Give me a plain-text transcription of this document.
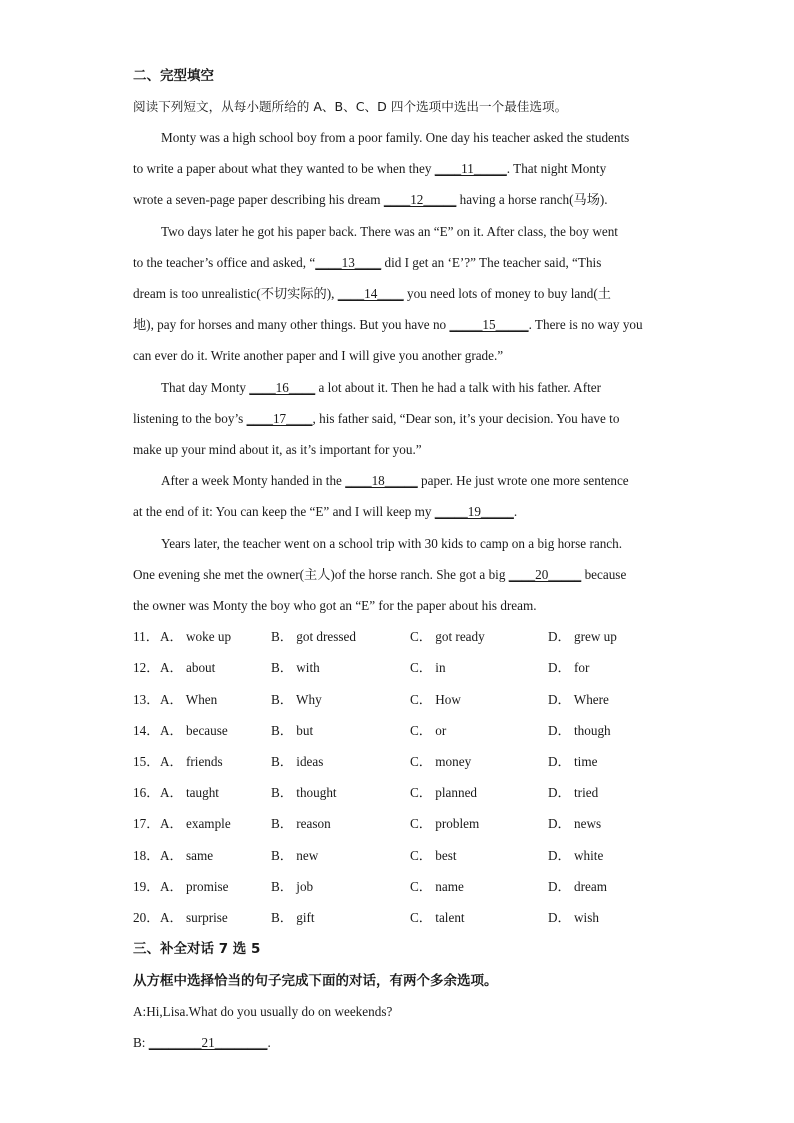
二、完型填空
阅读下列短文，从每小题所给的 A、B、C、D 四个选项中选出一个最佳选项。
Monty was a high school boy from a poor family. One day his teacher asked the students
to write a paper about what they wanted to be when they ____11_____. That night Monty
wrote a seven-page paper describing his dream ____12_____ having a horse ranch(马场).
Two days later he got his paper back. There was an “E” on it. After class, the boy went
to the teacher’s office and asked, “____13____ did I get an ‘E’?” The teacher said, “This
dream is too unrealistic(不切实际的), ____14____ you need lots of money to buy land(土
地), pay for horses and many other things. But you have no _____15_____. There is no way you
can ever do it. Write another paper and I will give you another grade.”
That day Monty ____16____ a lot about it. Then he had a talk with his father. After
listening to the boy’s ____17____, his father said, “Dear son, it’s your decision. You have to
make up your mind about it, as it’s important for you.”
After a week Monty handed in the ____18_____ paper. He just wrote one more sentence
at the end of it: You can keep the “E” and I will keep my _____19_____.
Years later, the teacher went on a school trip with 30 kids to camp on a big horse ranch.
One evening she met the owner(主人)of the horse ranch. She got a big ____20_____ because
the owner was Monty the boy who got an “E” for the paper about his dream.
11． A． woke up	B． got dressed	C． got ready	D． grew up
12． A． about	B． with	C． in	D． for
13． A． When	B． Why	C． How	D． Where
14． A． because	B． but	C． or	D． though
15． A． friends	B． ideas	C． money	D． time
16． A． taught	B． thought	C． planned	D． tried
17． A． example	B． reason	C． problem	D． news
18． A． same	B． new	C． best	D． white
19． A． promise	B． job	C． name	D． dream
20． A． surprise	B． gift	C． talent	D． wish
三、补全对话 7 选 5
从方框中选择恰当的句子完成下面的对话，有两个多余选项。
A:Hi,Lisa.What do you usually do on weekends?
B: ________21________.
